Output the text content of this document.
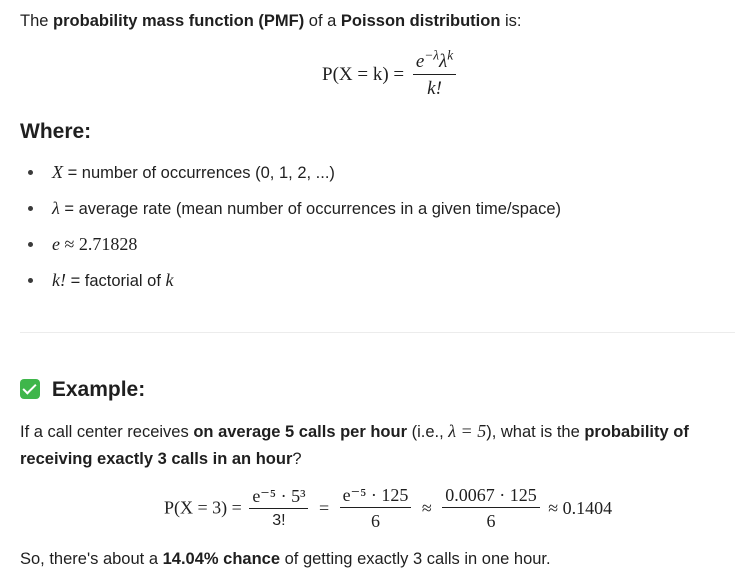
The probability mass function (PMF) of a Poisson distribution is:

$P(X = k) = \frac{e^{-\lambda}\lambda^k}{k!}$
Where:
X = number of occurrences (0, 1, 2, ...)
λ = average rate (mean number of occurrences in a given time/space)
e ≈ 2.71828
k! = factorial of k
Example:

If a call center receives on average 5 calls per hour (i.e., λ = 5), what is the probability of

receiving exactly 3 calls in an hour?

$P(X = 3) = \frac{\text{e⁻⁵ · 5³}}{3!} = \frac{\text{e⁻⁵ · 125}}{6} \approx \frac{0.0067 \cdot 125}{6} \approx 0.1404$

So, there's about a 14.04% chance of getting exactly 3 calls in one hour.
